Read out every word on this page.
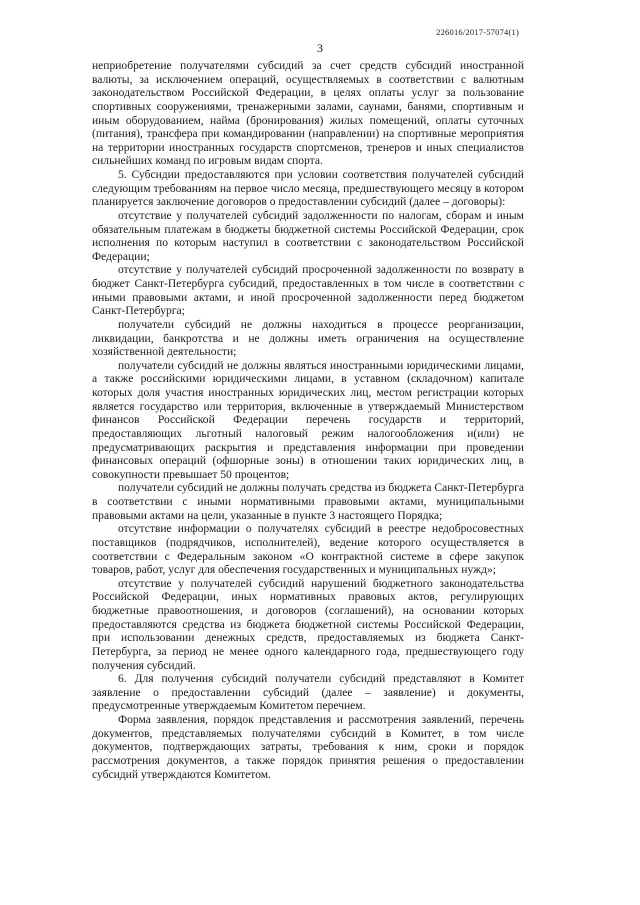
226016/2017-57074(1)
3

неприобретение получателями субсидий за счет средств субсидий иностранной валюты, за исключением операций, осуществляемых в соответствии с валютным законодательством Российской Федерации, в целях оплаты услуг за пользование спортивных сооружениями, тренажерными залами, саунами, банями, спортивным и иным оборудованием, найма (бронирования) жилых помещений, оплаты суточных (питания), трансфера при командировании (направлении) на спортивные мероприятия на территории иностранных государств спортсменов, тренеров и иных специалистов сильнейших команд по игровым видам спорта.

5. Субсидии предоставляются при условии соответствия получателей субсидий следующим требованиям на первое число месяца, предшествующего месяцу в котором планируется заключение договоров о предоставлении субсидий (далее – договоры):

отсутствие у получателей субсидий задолженности по налогам, сборам и иным обязательным платежам в бюджеты бюджетной системы Российской Федерации, срок исполнения по которым наступил в соответствии с законодательством Российской Федерации;

отсутствие у получателей субсидий просроченной задолженности по возврату в бюджет Санкт-Петербурга субсидий, предоставленных в том числе в соответствии с иными правовыми актами, и иной просроченной задолженности перед бюджетом Санкт-Петербурга;

получатели субсидий не должны находиться в процессе реорганизации, ликвидации, банкротства и не должны иметь ограничения на осуществление хозяйственной деятельности;

получатели субсидий не должны являться иностранными юридическими лицами, а также российскими юридическими лицами, в уставном (складочном) капитале которых доля участия иностранных юридических лиц, местом регистрации которых является государство или территория, включенные в утверждаемый Министерством финансов Российской Федерации перечень государств и территорий, предоставляющих льготный налоговый режим налогообложения и(или) не предусматривающих раскрытия и представления информации при проведении финансовых операций (офшорные зоны) в отношении таких юридических лиц, в совокупности превышает 50 процентов;

получатели субсидий не должны получать средства из бюджета Санкт-Петербурга в соответствии с иными нормативными правовыми актами, муниципальными правовыми актами на цели, указанные в пункте 3 настоящего Порядка;

отсутствие информации о получателях субсидий в реестре недобросовестных поставщиков (подрядчиков, исполнителей), ведение которого осуществляется в соответствии с Федеральным законом «О контрактной системе в сфере закупок товаров, работ, услуг для обеспечения государственных и муниципальных нужд»;

отсутствие у получателей субсидий нарушений бюджетного законодательства Российской Федерации, иных нормативных правовых актов, регулирующих бюджетные правоотношения, и договоров (соглашений), на основании которых предоставляются средства из бюджета бюджетной системы Российской Федерации, при использовании денежных средств, предоставляемых из бюджета Санкт-Петербурга, за период не менее одного календарного года, предшествующего году получения субсидий.

6. Для получения субсидий получатели субсидий представляют в Комитет заявление о предоставлении субсидий (далее – заявление) и документы, предусмотренные утверждаемым Комитетом перечнем.

Форма заявления, порядок представления и рассмотрения заявлений, перечень документов, представляемых получателями субсидий в Комитет, в том числе документов, подтверждающих затраты, требования к ним, сроки и порядок рассмотрения документов, а также порядок принятия решения о предоставлении субсидий утверждаются Комитетом.
